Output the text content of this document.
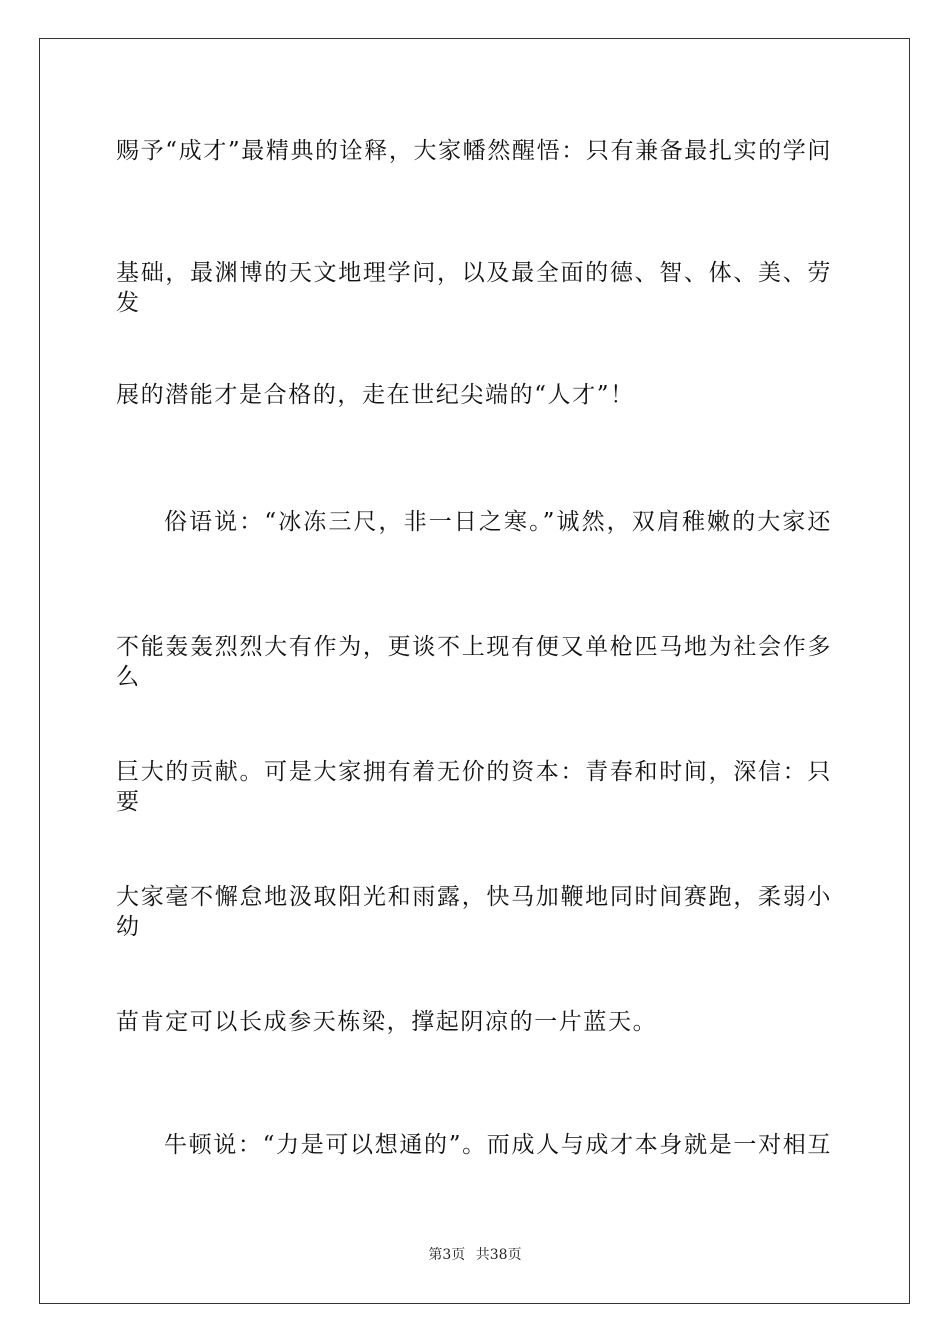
赐予“成才”最精典的诠释，大家幡然醒悟：只有兼备最扎实的学问
基础，最渊博的天文地理学问，以及最全面的德、智、体、美、劳发
展的潜能才是合格的，走在世纪尖端的“人才”！
俗语说：“冰冻三尺，非一日之寒。”诚然，双肩稚嫩的大家还
不能轰轰烈烈大有作为，更谈不上现有便又单枪匹马地为社会作多么
巨大的贡献。可是大家拥有着无价的资本：青春和时间，深信：只要
大家毫不懈怠地汲取阳光和雨露，快马加鞭地同时间赛跑，柔弱小幼
苗肯定可以长成参天栋梁，撑起阴凉的一片蓝天。
牛顿说：“力是可以想通的”。而成人与成才本身就是一对相互
第3页 共38页
